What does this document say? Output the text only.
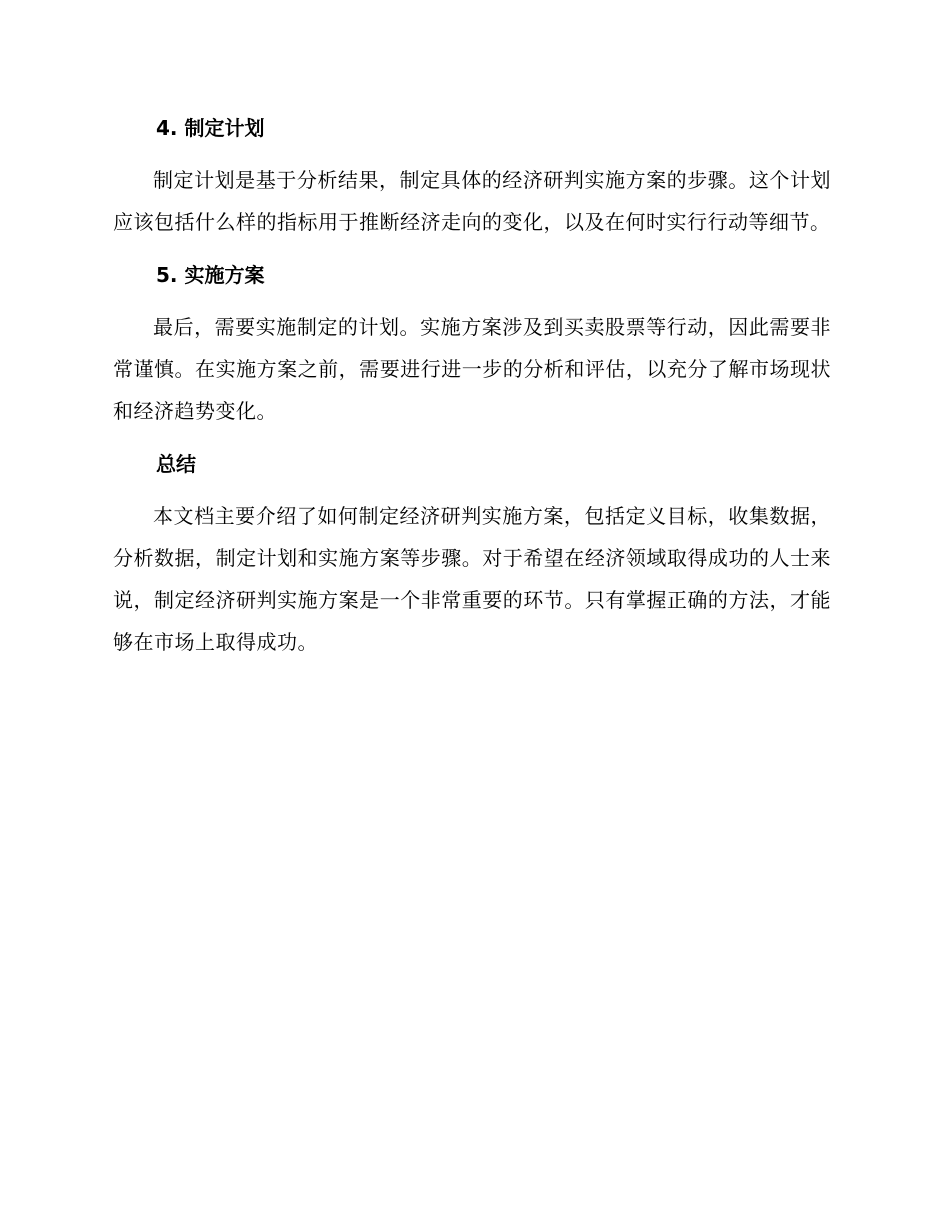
4. 制定计划

制定计划是基于分析结果，制定具体的经济研判实施方案的步骤。这个计划应该包括什么样的指标用于推断经济走向的变化，以及在何时实行行动等细节。

5. 实施方案

最后，需要实施制定的计划。实施方案涉及到买卖股票等行动，因此需要非常谨慎。在实施方案之前，需要进行进一步的分析和评估，以充分了解市场现状和经济趋势变化。

总结

本文档主要介绍了如何制定经济研判实施方案，包括定义目标，收集数据，分析数据，制定计划和实施方案等步骤。对于希望在经济领域取得成功的人士来说，制定经济研判实施方案是一个非常重要的环节。只有掌握正确的方法，才能够在市场上取得成功。
